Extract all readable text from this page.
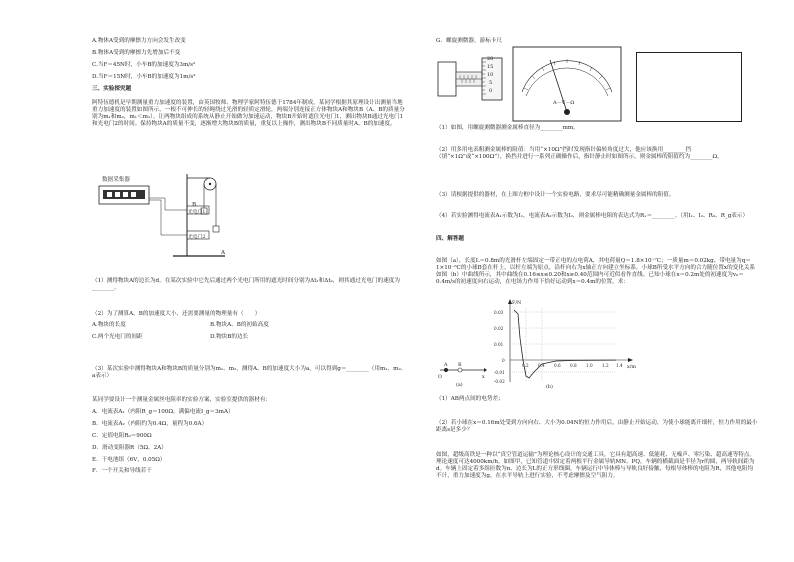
A.物体A受到的摩擦力方向会发生改变
B.物体A受到的摩擦力先增加后不变
C.当F＝45N时，小车B的加速度为3m/s²
D.当F＝15N时，小车B的加速度为1m/s²
三、实验探究题
阿特伍德机是早期测量重力加速度的装置，由英国牧师、物理学家阿特伍德于1784年制成。某同学根据其原理设计出测量当地重力加速度的装置如图所示，一根不可伸长的轻绳绕过光滑的轻质定滑轮，两端分别连接正方体物块A和物块B（A、B的质量分别为m₁和m₂，m₁＜m₂），让两物块组成的系统从静止开始做匀加速运动，物块B开始时遮住光电门1，测出物块B通过光电门1和光电门2的时间。保持物块A的质量不变，逐渐增大物块B的质量，重复以上操作，测出物块B不同质量时A、B的加速度。
数据采集器
光电门1
光电门2
B
A
（1）测得物块A的边长为d，在某次实验中它先后通过两个光电门所用的遮光时间分别为Δt₁和Δt₂，则其通过光电门的速度为________。
（2）为了测算A、B的加速度大小，还需要测量的物理量有（　　）
A.物块的长度	B.物块A、B的初始高度
C.两个光电门的间距	D.物块B的边长
（3）某次实验中测得物块A和物块B的质量分别为m₁、m₂，测得A、B的加速度大小为a，可以得到g＝________（用m₁、m₂、a表示）
某同学要设计一个测量金属丝电阻率的实验方案，实验室提供的器材有：
A．电流表A₁（内阻R_g＝100Ω，满偏电流I_g＝3mA）
B．电流表A₂（内阻约为0.4Ω，量程为0.6A）
C．定值电阻R₀＝900Ω
D．滑动变阻器R（5Ω，2A）
E．干电池组（6V，0.05Ω）
F．一个开关和导线若干
G．螺旋测微器，游标卡尺
20
15
10
5
0
A－V－Ω
（1）如图，用螺旋测微器测金属棒直径为________mm。
（2）用多用电表粗测金属棒的阻值：当用“×10Ω”挡时发现指针偏转角度过大，他应该换用________挡（填“×1Ω”或“×100Ω”），换挡并进行一系列正确操作后，指针静止时如图所示，则金属棒的阻值约为________Ω。
（3）请根据提供的器材，在上图方框中设计一个实验电路，要求尽可能精确测量金属棒的阻值。
（4）若实验测得电流表A₁示数为I₁，电流表A₂示数为I₂，则金属棒电阻的表达式为Rₓ＝________。（用I₁、I₂、R₀、R_g表示）
四、解答题
如图（a），长度L＝0.8m的光滑杆左端固定一带正电的点电荷A，其电荷量Q＝1.8×10⁻⁷C；一质量m＝0.02kg、带电量为q＝1×10⁻⁶C的小球B套在杆上，以杆左端为原点，沿杆向右为x轴正方向建立坐标系。小球B所受水平方向的合力随位置x的变化关系如图（b）中曲线所示，其中曲线在0.16≤x≤0.20和x≥0.40范围内可近似看作直线。已知小球在x＝0.2m处的初速度为v₀＝0.4m/s的初速度向右运动，在电场力作用下恰好运动到x＝0.4m的位置，求：
A B
O	x
(a)
F/N
x/m
0.03
0.02
0.01
0
-0.01
-0.02
0.2 0.4 0.6 0.8 1.0 1.2 1.4
(b)
（1）AB两点间的电势差；
（2）若小球在x＝0.16m处受到方向向右、大小为0.04N的恒力作用后，由静止开始运动，为使小球能离开细杆，恒力作用的最小距离s是多少？
如图，超级高铁是一种以“真空管道运输”为理论核心设计的交通工具，它具有超高速、低能耗、无噪声、零污染、超高速等特点。理论速度可达4000km/h。如图甲，已知管道中固定着两根平行金属导轨MN、PQ，车辆的横截面是半径为r的圆，两导轨间距为d。车辆上固定着多组匝数为n、边长为L的正方形线圈，车辆运行中导体棒与导轨良好接触，每根导体棒的电阻为R，其他电阻均不计，重力加速度为g。在水平导轨上进行实验，不考虑摩擦及空气阻力。
